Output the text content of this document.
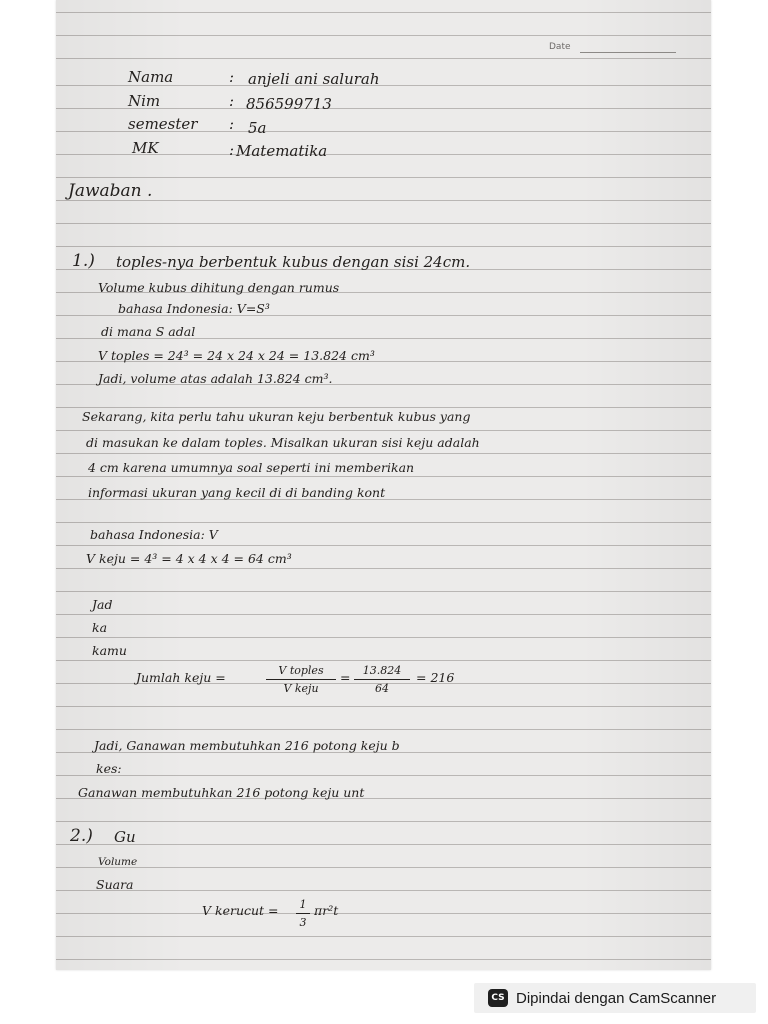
Date
Nama	: anjeli ani salurah
Nim	: 856599713
semester : 5a
MK	: Matematika
Jawaban .
1.) toples-nya berbentuk kubus dengan sisi 24cm.
Volume kubus dihitung dengan rumus
bahasa Indonesia: V=S³
di mana S adal
V toples = 24³ = 24 x 24 x 24 = 13.824 cm³
Jadi, volume atas adalah 13.824 cm³.
Sekarang, kita perlu tahu ukuran keju berbentuk kubus yang
di masukan ke dalam toples. Misalkan ukuran sisi keju adalah
4 cm karena umumnya soal seperti ini memberikan
informasi ukuran yang kecil di di banding kont
bahasa Indonesia: V
V keju = 4³ = 4 x 4 x 4 = 64 cm³
Jad
ka
kamu
Jumlah keju =	V toples
V keju
=	13.824
64
= 216
Jadi, Ganawan membutuhkan 216 potong keju b
kes:
Ganawan membutuhkan 216 potong keju unt
2.) Gu
Volume
Suara
V kerucut =	1
3
πr²t
CS Dipindai dengan CamScanner
